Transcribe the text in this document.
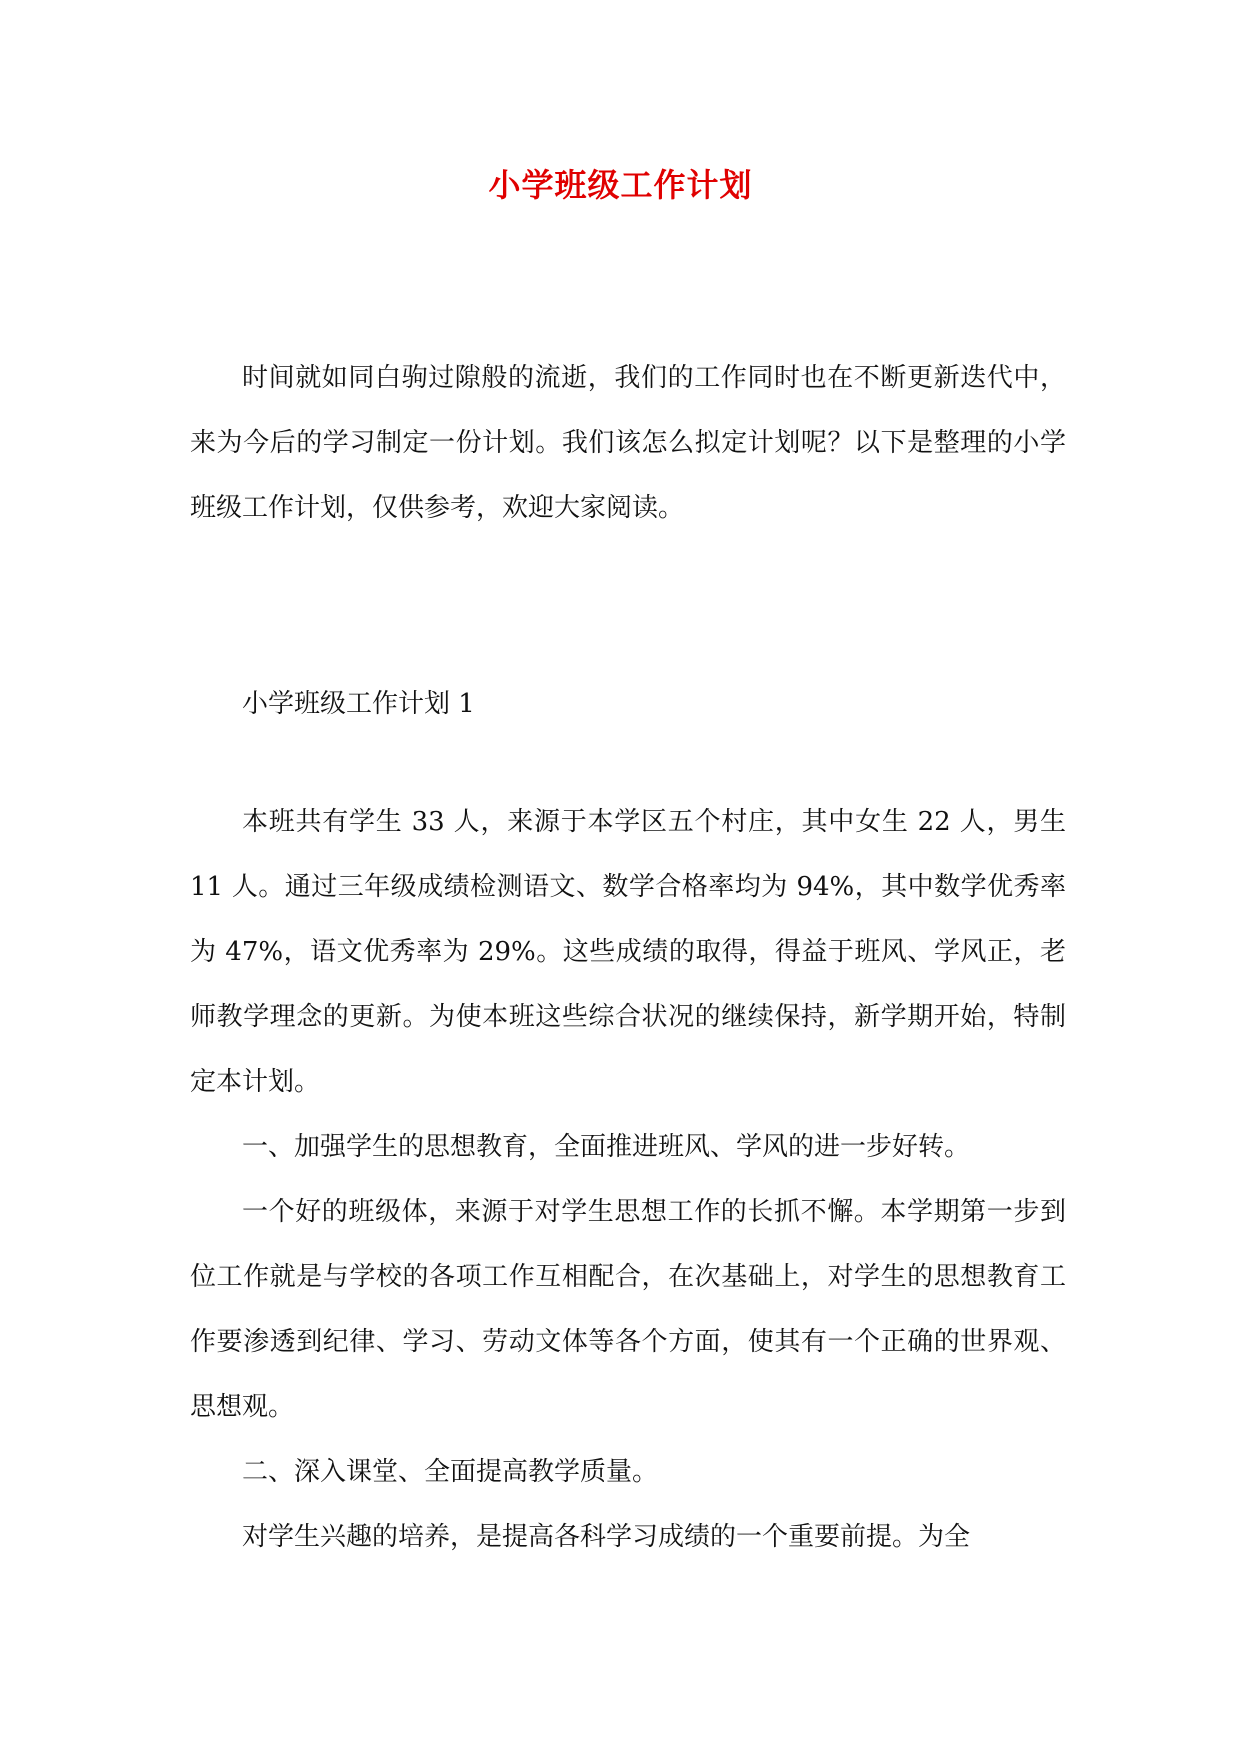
小学班级工作计划

时间就如同白驹过隙般的流逝，我们的工作同时也在不断更新迭代中，来为今后的学习制定一份计划。我们该怎么拟定计划呢？以下是整理的小学班级工作计划，仅供参考，欢迎大家阅读。

小学班级工作计划 1

本班共有学生 33 人，来源于本学区五个村庄，其中女生 22 人，男生 11 人。通过三年级成绩检测语文、数学合格率均为 94%，其中数学优秀率为 47%，语文优秀率为 29%。这些成绩的取得，得益于班风、学风正，老师教学理念的更新。为使本班这些综合状况的继续保持，新学期开始，特制定本计划。

一、加强学生的思想教育，全面推进班风、学风的进一步好转。

一个好的班级体，来源于对学生思想工作的长抓不懈。本学期第一步到位工作就是与学校的各项工作互相配合，在次基础上，对学生的思想教育工作要渗透到纪律、学习、劳动文体等各个方面，使其有一个正确的世界观、思想观。

二、深入课堂、全面提高教学质量。

对学生兴趣的培养，是提高各科学习成绩的一个重要前提。为全
